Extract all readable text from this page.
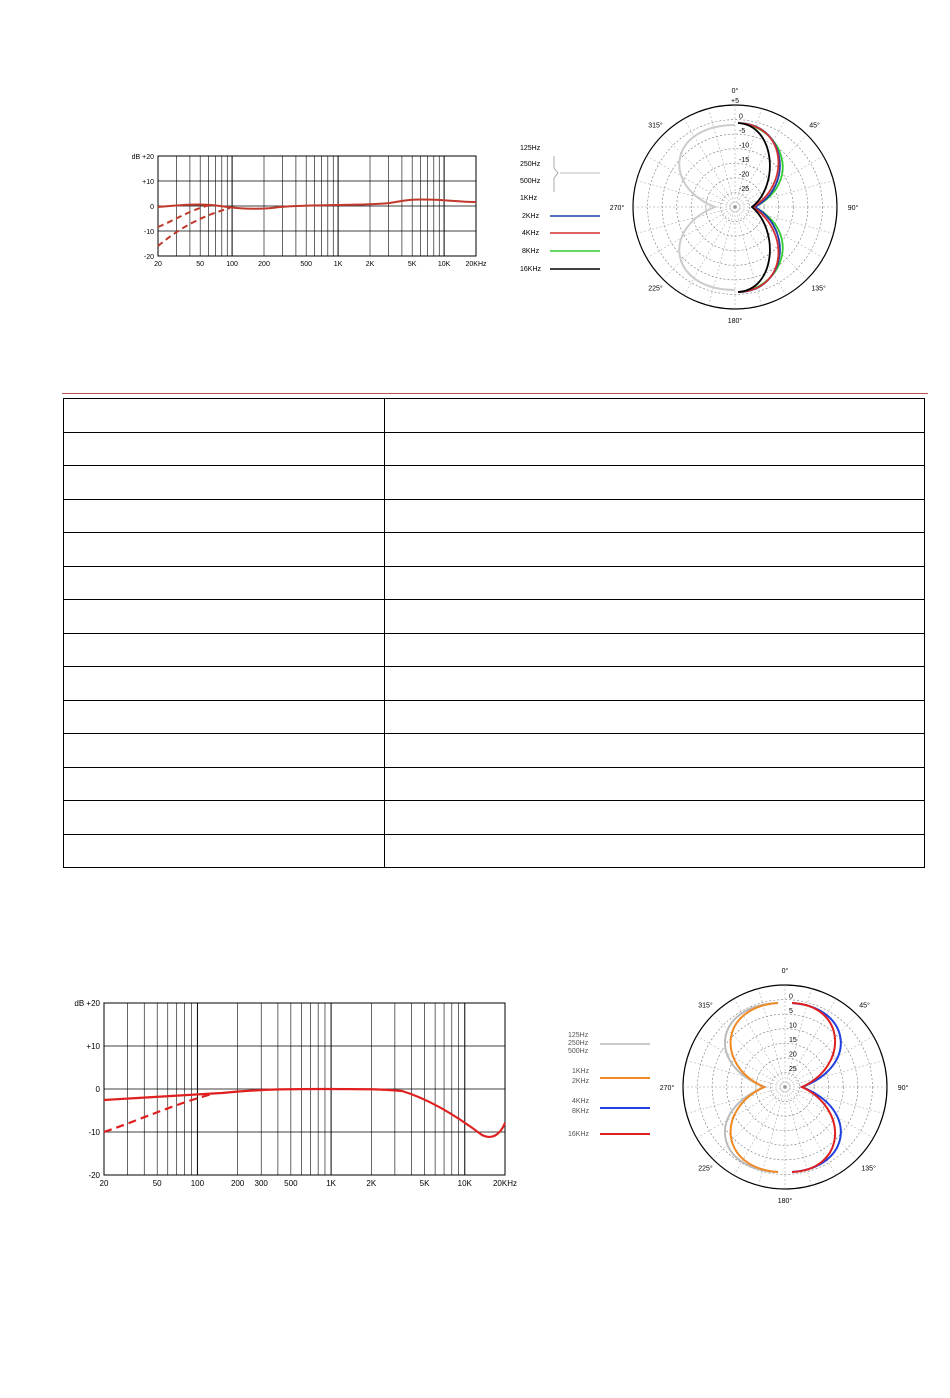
dB +20
+10
0
-10
-20
20	50	100	200	500	1K	2K	5K	10K 20KHz
125Hz
250Hz
500Hz
1KHz
2KHz
4KHz
8KHz
16KHz
315°	45°
270°	90°
225°	135°
180°
0°
+5
0
-5
-10
-15
-20
-25

dB +20
+10
0
-10
-20
20	50	100	200 300 500	1K	2K	5K	10K	20KHz
125Hz
250Hz
500Hz
1KHz
2KHz
4KHz
8KHz
16KHz
315°	45°
270°	90°
225°	135°
180°
0°
0
5
10
15
20
25
